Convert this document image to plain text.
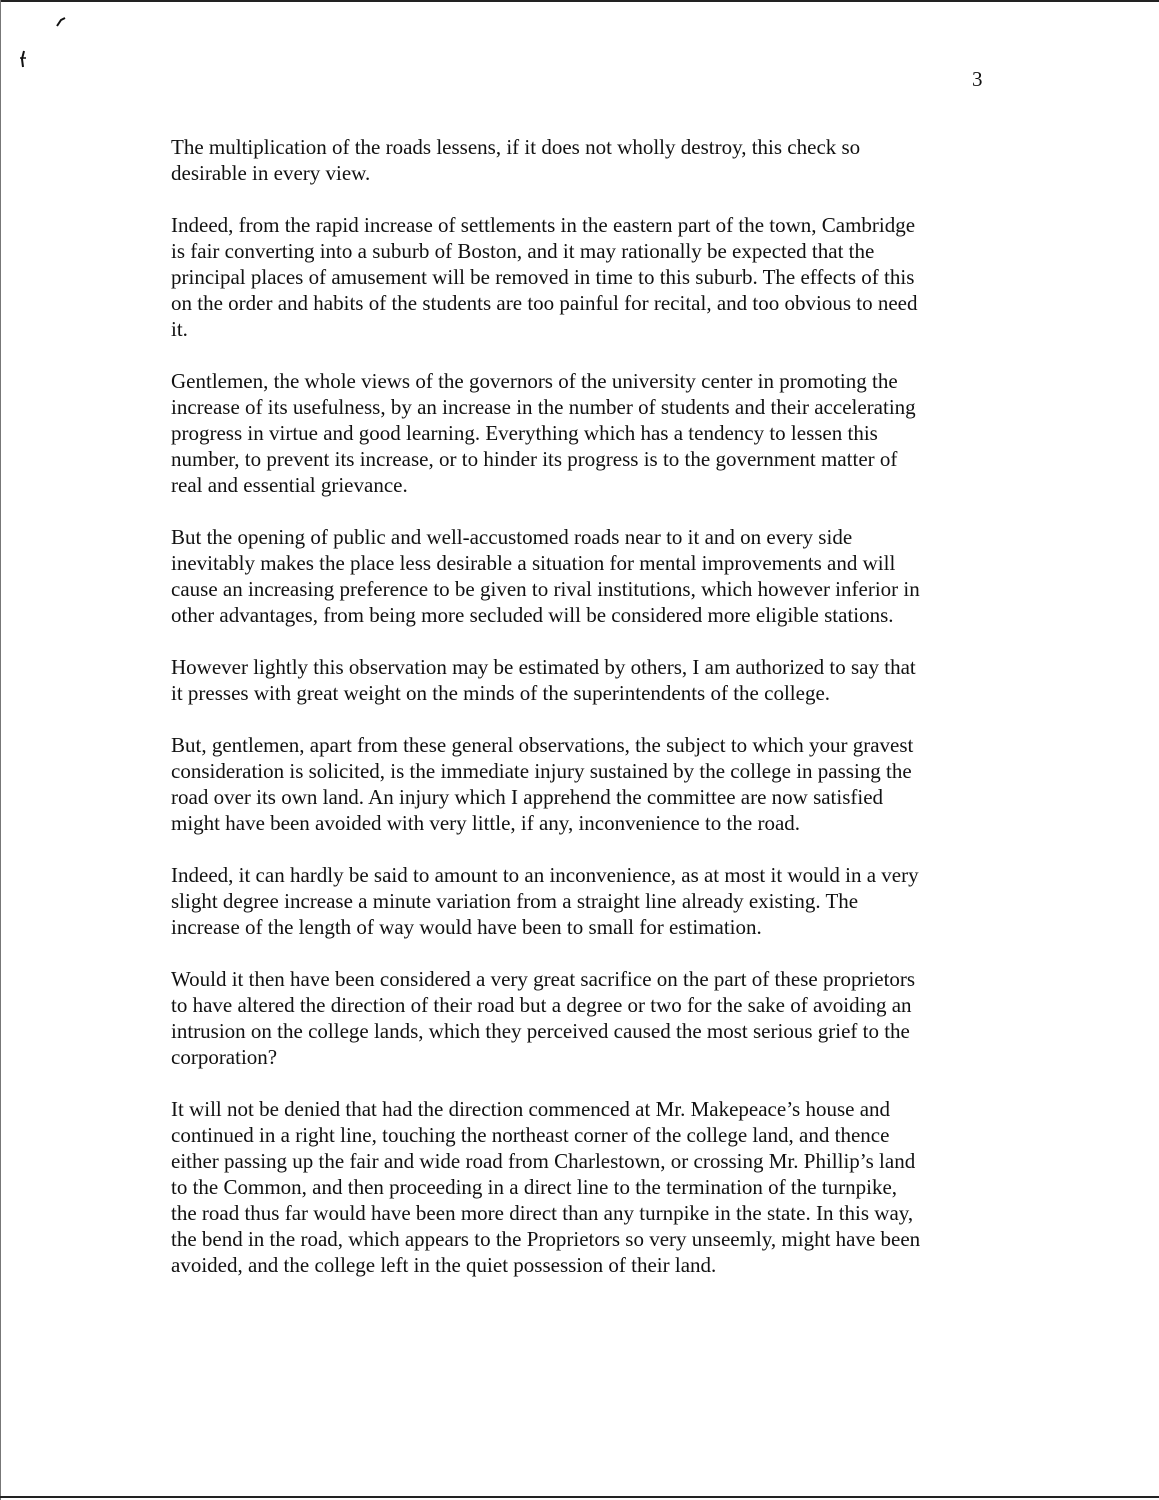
3

The multiplication of the roads lessens, if it does not wholly destroy, this check so
desirable in every view.

Indeed, from the rapid increase of settlements in the eastern part of the town, Cambridge
is fair converting into a suburb of Boston, and it may rationally be expected that the
principal places of amusement will be removed in time to this suburb. The effects of this
on the order and habits of the students are too painful for recital, and too obvious to need
it.

Gentlemen, the whole views of the governors of the university center in promoting the
increase of its usefulness, by an increase in the number of students and their accelerating
progress in virtue and good learning. Everything which has a tendency to lessen this
number, to prevent its increase, or to hinder its progress is to the government matter of
real and essential grievance.

But the opening of public and well-accustomed roads near to it and on every side
inevitably makes the place less desirable a situation for mental improvements and will
cause an increasing preference to be given to rival institutions, which however inferior in
other advantages, from being more secluded will be considered more eligible stations.

However lightly this observation may be estimated by others, I am authorized to say that
it presses with great weight on the minds of the superintendents of the college.

But, gentlemen, apart from these general observations, the subject to which your gravest
consideration is solicited, is the immediate injury sustained by the college in passing the
road over its own land. An injury which I apprehend the committee are now satisfied
might have been avoided with very little, if any, inconvenience to the road.

Indeed, it can hardly be said to amount to an inconvenience, as at most it would in a very
slight degree increase a minute variation from a straight line already existing. The
increase of the length of way would have been to small for estimation.

Would it then have been considered a very great sacrifice on the part of these proprietors
to have altered the direction of their road but a degree or two for the sake of avoiding an
intrusion on the college lands, which they perceived caused the most serious grief to the
corporation?

It will not be denied that had the direction commenced at Mr. Makepeace’s house and
continued in a right line, touching the northeast corner of the college land, and thence
either passing up the fair and wide road from Charlestown, or crossing Mr. Phillip’s land
to the Common, and then proceeding in a direct line to the termination of the turnpike,
the road thus far would have been more direct than any turnpike in the state. In this way,
the bend in the road, which appears to the Proprietors so very unseemly, might have been
avoided, and the college left in the quiet possession of their land.
